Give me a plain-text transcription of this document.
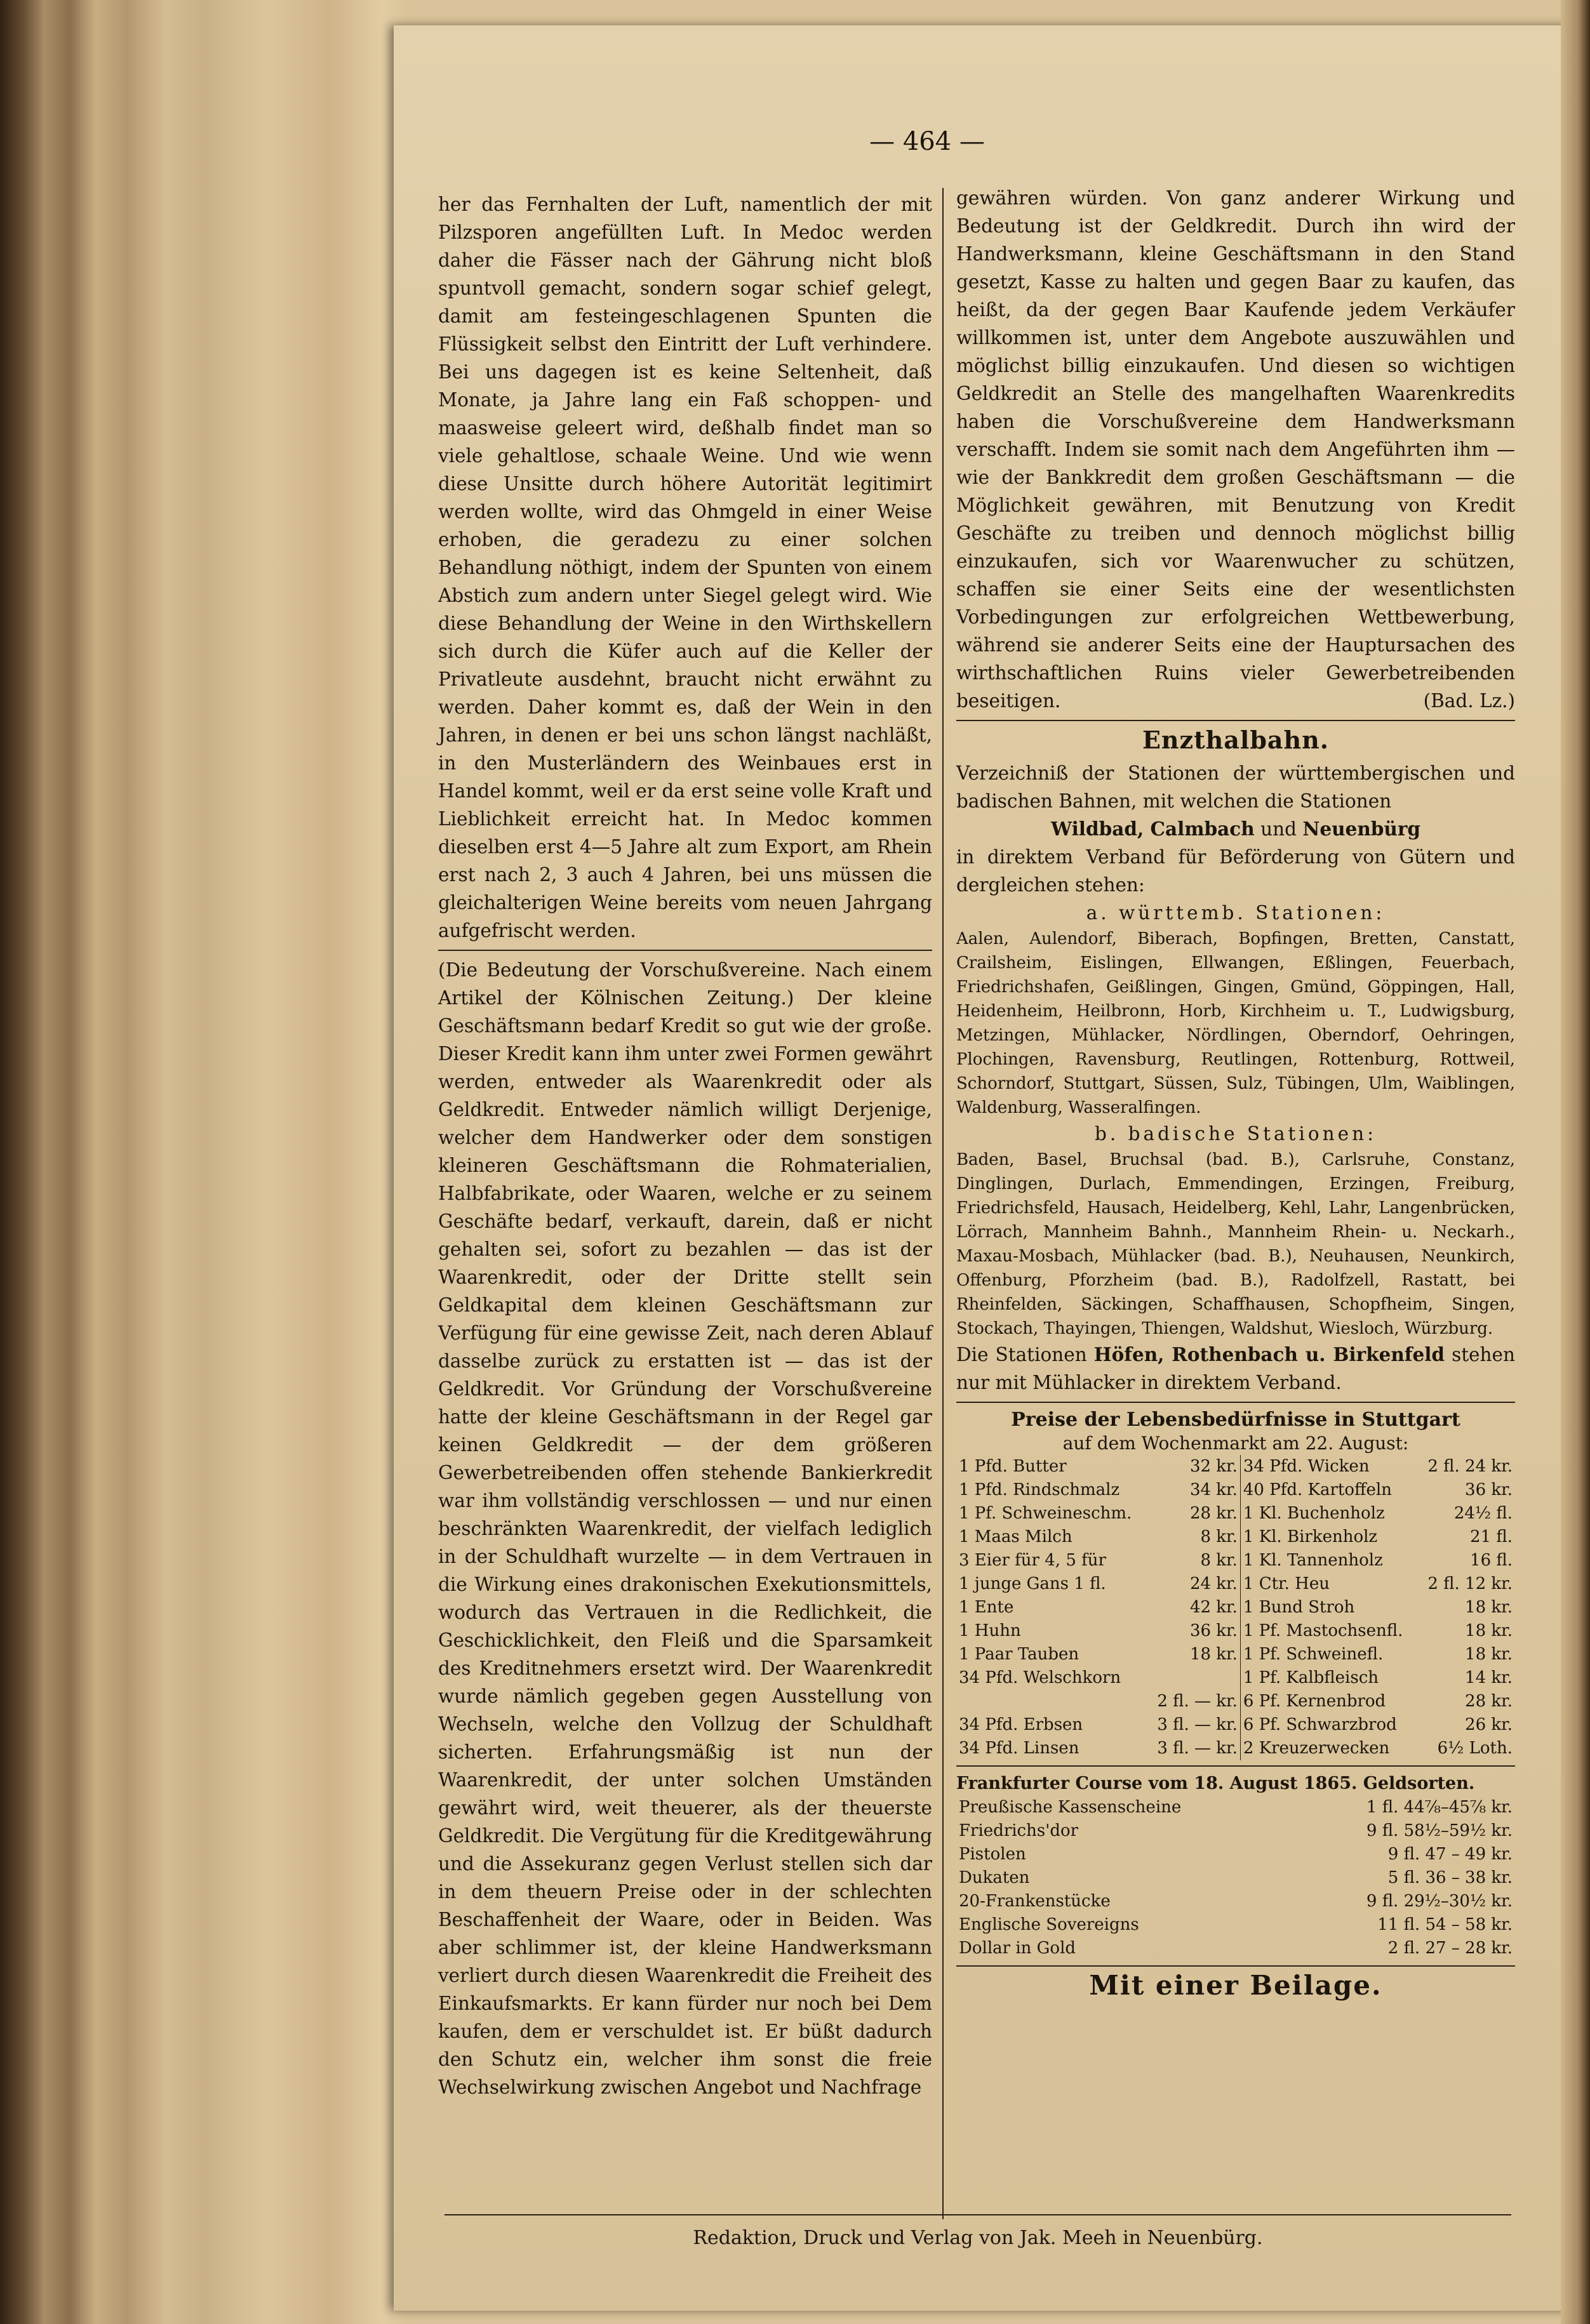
— 464 —

her das Fernhalten der Luft, namentlich der mit Pilzsporen angefüllten Luft. In Medoc werden daher die Fässer nach der Gährung nicht bloß spuntvoll gemacht, sondern sogar schief gelegt, damit am festeingeschlagenen Spunten die Flüssigkeit selbst den Eintritt der Luft verhindere. Bei uns dagegen ist es keine Seltenheit, daß Monate, ja Jahre lang ein Faß schoppen- und maasweise geleert wird, deßhalb findet man so viele gehaltlose, schaale Weine. Und wie wenn diese Unsitte durch höhere Autorität legitimirt werden wollte, wird das Ohmgeld in einer Weise erhoben, die geradezu zu einer solchen Behandlung nöthigt, indem der Spunten von einem Abstich zum andern unter Siegel gelegt wird. Wie diese Behandlung der Weine in den Wirthskellern sich durch die Küfer auch auf die Keller der Privatleute ausdehnt, braucht nicht erwähnt zu werden. Daher kommt es, daß der Wein in den Jahren, in denen er bei uns schon längst nachläßt, in den Musterländern des Weinbaues erst in Handel kommt, weil er da erst seine volle Kraft und Lieblichkeit erreicht hat. In Medoc kommen dieselben erst 4—5 Jahre alt zum Export, am Rhein erst nach 2, 3 auch 4 Jahren, bei uns müssen die gleichalterigen Weine bereits vom neuen Jahrgang aufgefrischt werden.

(Die Bedeutung der Vorschußvereine. Nach einem Artikel der Kölnischen Zeitung.) Der kleine Geschäftsmann bedarf Kredit so gut wie der große. Dieser Kredit kann ihm unter zwei Formen gewährt werden, entweder als Waarenkredit oder als Geldkredit. Entweder nämlich willigt Derjenige, welcher dem Handwerker oder dem sonstigen kleineren Geschäftsmann die Rohmaterialien, Halbfabrikate, oder Waaren, welche er zu seinem Geschäfte bedarf, verkauft, darein, daß er nicht gehalten sei, sofort zu bezahlen — das ist der Waarenkredit, oder der Dritte stellt sein Geldkapital dem kleinen Geschäftsmann zur Verfügung für eine gewisse Zeit, nach deren Ablauf dasselbe zurück zu erstatten ist — das ist der Geldkredit. Vor Gründung der Vorschußvereine hatte der kleine Geschäftsmann in der Regel gar keinen Geldkredit — der dem größeren Gewerbetreibenden offen stehende Bankierkredit war ihm vollständig verschlossen — und nur einen beschränkten Waarenkredit, der vielfach lediglich in der Schuldhaft wurzelte — in dem Vertrauen in die Wirkung eines drakonischen Exekutionsmittels, wodurch das Vertrauen in die Redlichkeit, die Geschicklichkeit, den Fleiß und die Sparsamkeit des Kreditnehmers ersetzt wird. Der Waarenkredit wurde nämlich gegeben gegen Ausstellung von Wechseln, welche den Vollzug der Schuldhaft sicherten. Erfahrungsmäßig ist nun der Waarenkredit, der unter solchen Umständen gewährt wird, weit theuerer, als der theuerste Geldkredit. Die Vergütung für die Kreditgewährung und die Assekuranz gegen Verlust stellen sich dar in dem theuern Preise oder in der schlechten Beschaffenheit der Waare, oder in Beiden. Was aber schlimmer ist, der kleine Handwerksmann verliert durch diesen Waarenkredit die Freiheit des Einkaufsmarkts. Er kann fürder nur noch bei Dem kaufen, dem er verschuldet ist. Er büßt dadurch den Schutz ein, welcher ihm sonst die freie Wechselwirkung zwischen Angebot und Nachfrage

gewähren würden. Von ganz anderer Wirkung und Bedeutung ist der Geldkredit. Durch ihn wird der Handwerksmann, kleine Geschäftsmann in den Stand gesetzt, Kasse zu halten und gegen Baar zu kaufen, das heißt, da der gegen Baar Kaufende jedem Verkäufer willkommen ist, unter dem Angebote auszuwählen und möglichst billig einzukaufen. Und diesen so wichtigen Geldkredit an Stelle des mangelhaften Waarenkredits haben die Vorschußvereine dem Handwerksmann verschafft. Indem sie somit nach dem Angeführten ihm — wie der Bankkredit dem großen Geschäftsmann — die Möglichkeit gewähren, mit Benutzung von Kredit Geschäfte zu treiben und dennoch möglichst billig einzukaufen, sich vor Waarenwucher zu schützen, schaffen sie einer Seits eine der wesentlichsten Vorbedingungen zur erfolgreichen Wettbewerbung, während sie anderer Seits eine der Hauptursachen des wirthschaftlichen Ruins vieler Gewerbetreibenden beseitigen.	(Bad. Lz.)

Enzthalbahn.

Verzeichniß der Stationen der württembergischen und badischen Bahnen, mit welchen die Stationen

Wildbad, Calmbach und Neuenbürg

in direktem Verband für Beförderung von Gütern und dergleichen stehen:

a. württemb. Stationen:

Aalen, Aulendorf, Biberach, Bopfingen, Bretten, Canstatt, Crailsheim, Eislingen, Ellwangen, Eßlingen, Feuerbach, Friedrichshafen, Geißlingen, Gingen, Gmünd, Göppingen, Hall, Heidenheim, Heilbronn, Horb, Kirchheim u. T., Ludwigsburg, Metzingen, Mühlacker, Nördlingen, Oberndorf, Oehringen, Plochingen, Ravensburg, Reutlingen, Rottenburg, Rottweil, Schorndorf, Stuttgart, Süssen, Sulz, Tübingen, Ulm, Waiblingen, Waldenburg, Wasseralfingen.

b. badische Stationen:

Baden, Basel, Bruchsal (bad. B.), Carlsruhe, Constanz, Dinglingen, Durlach, Emmendingen, Erzingen, Freiburg, Friedrichsfeld, Hausach, Heidelberg, Kehl, Lahr, Langenbrücken, Lörrach, Mannheim Bahnh., Mannheim Rhein- u. Neckarh., Maxau-Mosbach, Mühlacker (bad. B.), Neuhausen, Neunkirch, Offenburg, Pforzheim (bad. B.), Radolfzell, Rastatt, bei Rheinfelden, Säckingen, Schaffhausen, Schopfheim, Singen, Stockach, Thayingen, Thiengen, Waldshut, Wiesloch, Würzburg.

Die Stationen Höfen, Rothenbach u. Birkenfeld stehen nur mit Mühlacker in direktem Verband.

Preise der Lebensbedürfnisse in Stuttgart
auf dem Wochenmarkt am 22. August:
1 Pfd. Butter	32 kr.	34 Pfd. Wicken	2 fl. 24 kr.
1 Pfd. Rindschmalz	34 kr.	40 Pfd. Kartoffeln	36 kr.
1 Pf. Schweineschm.	28 kr.	1 Kl. Buchenholz	24½ fl.
1 Maas Milch	8 kr.	1 Kl. Birkenholz	21 fl.
3 Eier für 4, 5 für	8 kr.	1 Kl. Tannenholz	16 fl.
1 junge Gans 1 fl.	24 kr.	1 Ctr. Heu	2 fl. 12 kr.
1 Ente	42 kr.	1 Bund Stroh	18 kr.
1 Huhn	36 kr.	1 Pf. Mastochsenfl.	18 kr.
1 Paar Tauben	18 kr.	1 Pf. Schweinefl.	18 kr.
34 Pfd. Welschkorn		1 Pf. Kalbfleisch	14 kr.
	2 fl. — kr.	6 Pf. Kernenbrod	28 kr.
34 Pfd. Erbsen	3 fl. — kr.	6 Pf. Schwarzbrod	26 kr.
34 Pfd. Linsen	3 fl. — kr.	2 Kreuzerwecken	6½ Loth.
Frankfurter Course vom 18. August 1865. Geldsorten.
Preußische Kassenscheine	1 fl. 44⅞–45⅞ kr.
Friedrichs'dor	9 fl. 58½–59½ kr.
Pistolen	9 fl. 47 – 49 kr.
Dukaten	5 fl. 36 – 38 kr.
20-Frankenstücke	9 fl. 29½–30½ kr.
Englische Sovereigns	11 fl. 54 – 58 kr.
Dollar in Gold	2 fl. 27 – 28 kr.
Mit einer Beilage.
Redaktion, Druck und Verlag von Jak. Meeh in Neuenbürg.
